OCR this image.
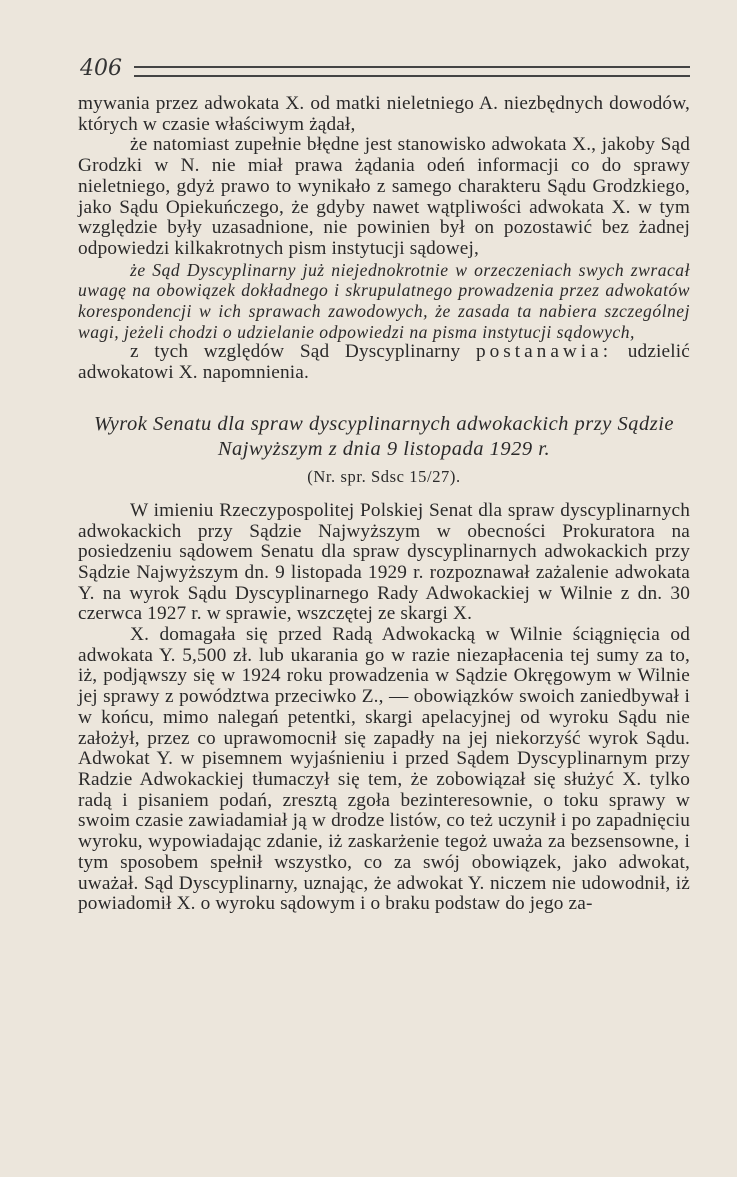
406

mywania przez adwokata X. od matki nieletniego A. niezbędnych dowodów, których w czasie właściwym żądał,

że natomiast zupełnie błędne jest stanowisko adwokata X., jakoby Sąd Grodzki w N. nie miał prawa żądania odeń informacji co do sprawy nieletniego, gdyż prawo to wynikało z samego charakteru Sądu Grodzkiego, jako Sądu Opiekuńczego, że gdyby nawet wątpliwości adwokata X. w tym względzie były uzasadnione, nie powinien był on pozostawić bez żadnej odpowiedzi kilkakrotnych pism instytucji sądowej,

że Sąd Dyscyplinarny już niejednokrotnie w orzeczeniach swych zwracał uwagę na obowiązek dokładnego i skrupulatnego prowadzenia przez adwokatów korespondencji w ich sprawach zawodowych, że zasada ta nabiera szczególnej wagi, jeżeli chodzi o udzielanie odpowiedzi na pisma instytucji sądowych,

z tych względów Sąd Dyscyplinarny postanawia: udzielić adwokatowi X. napomnienia.

Wyrok Senatu dla spraw dyscyplinarnych adwokackich przy Sądzie
Najwyższym z dnia 9 listopada 1929 r.
(Nr. spr. Sdsc 15/27).

W imieniu Rzeczypospolitej Polskiej Senat dla spraw dyscyplinarnych adwokackich przy Sądzie Najwyższym w obecności Prokuratora na posiedzeniu sądowem Senatu dla spraw dyscyplinarnych adwokackich przy Sądzie Najwyższym dn. 9 listopada 1929 r. rozpoznawał zażalenie adwokata Y. na wyrok Sądu Dyscyplinarnego Rady Adwokackiej w Wilnie z dn. 30 czerwca 1927 r. w sprawie, wszczętej ze skargi X.

X. domagała się przed Radą Adwokacką w Wilnie ściągnięcia od adwokata Y. 5,500 zł. lub ukarania go w razie niezapłacenia tej sumy za to, iż, podjąwszy się w 1924 roku prowadzenia w Sądzie Okręgowym w Wilnie jej sprawy z powództwa przeciwko Z., — obowiązków swoich zaniedbywał i w końcu, mimo nalegań petentki, skargi apelacyjnej od wyroku Sądu nie założył, przez co uprawomocnił się zapadły na jej niekorzyść wyrok Sądu. Adwokat Y. w pisemnem wyjaśnieniu i przed Sądem Dyscyplinarnym przy Radzie Adwokackiej tłumaczył się tem, że zobowiązał się służyć X. tylko radą i pisaniem podań, zresztą zgoła bezinteresownie, o toku sprawy w swoim czasie zawiadamiał ją w drodze listów, co też uczynił i po zapadnięciu wyroku, wypowiadając zdanie, iż zaskarżenie tegoż uważa za bezsensowne, i tym sposobem spełnił wszystko, co za swój obowiązek, jako adwokat, uważał. Sąd Dyscyplinarny, uznając, że adwokat Y. niczem nie udowodnił, iż powiadomił X. o wyroku sądowym i o braku podstaw do jego za-
